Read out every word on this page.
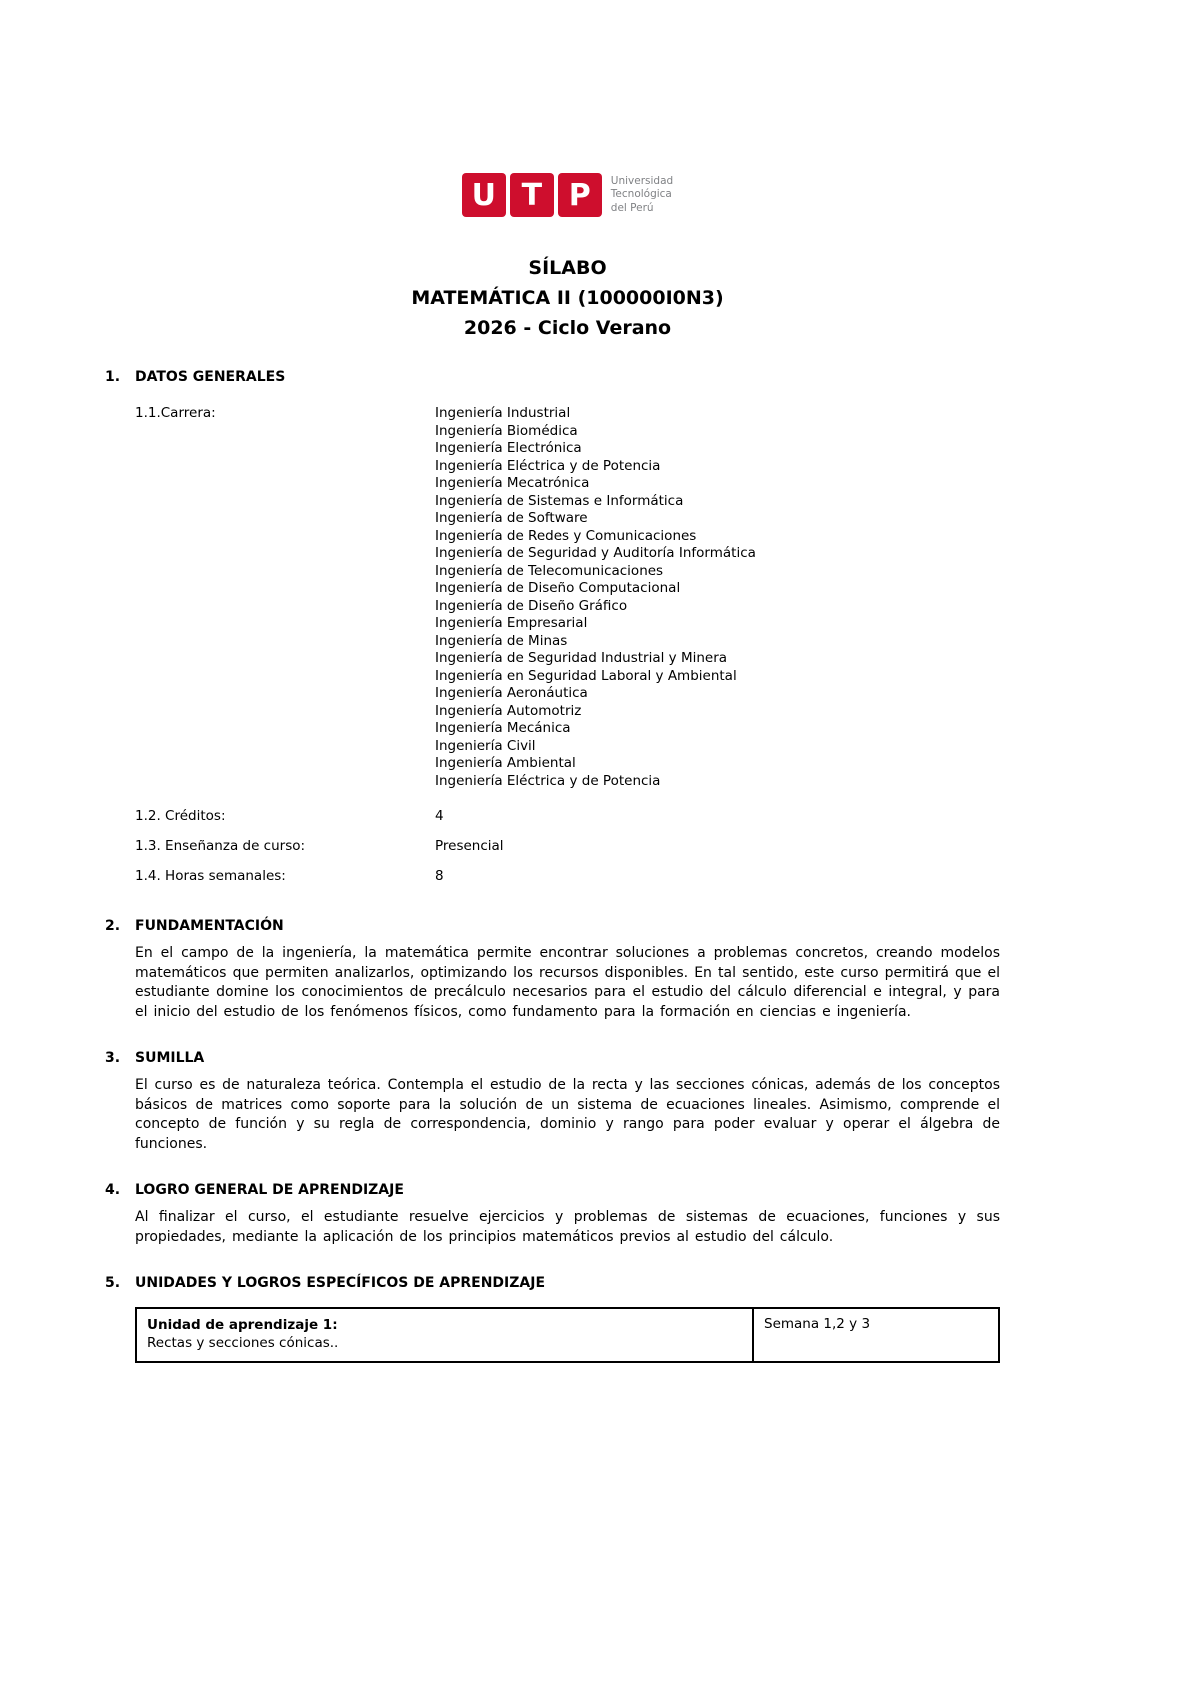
U T P	Universidad
Tecnológica
del Perú
SÍLABO
MATEMÁTICA II (100000I0N3)
2026 - Ciclo Verano
1.	DATOS GENERALES
1.1.Carrera:	Ingeniería Industrial
Ingeniería Biomédica
Ingeniería Electrónica
Ingeniería Eléctrica y de Potencia
Ingeniería Mecatrónica
Ingeniería de Sistemas e Informática
Ingeniería de Software
Ingeniería de Redes y Comunicaciones
Ingeniería de Seguridad y Auditoría Informática
Ingeniería de Telecomunicaciones
Ingeniería de Diseño Computacional
Ingeniería de Diseño Gráfico
Ingeniería Empresarial
Ingeniería de Minas
Ingeniería de Seguridad Industrial y Minera
Ingeniería en Seguridad Laboral y Ambiental
Ingeniería Aeronáutica
Ingeniería Automotriz
Ingeniería Mecánica
Ingeniería Civil
Ingeniería Ambiental
Ingeniería Eléctrica y de Potencia
1.2. Créditos:	4
1.3. Enseñanza de curso:	Presencial
1.4. Horas semanales:	8
2.	FUNDAMENTACIÓN
En el campo de la ingeniería, la matemática permite encontrar soluciones a problemas concretos, creando modelos matemáticos que permiten analizarlos, optimizando los recursos disponibles. En tal sentido, este curso permitirá que el estudiante domine los conocimientos de precálculo necesarios para el estudio del cálculo diferencial e integral, y para el inicio del estudio de los fenómenos físicos, como fundamento para la formación en ciencias e ingeniería.
3.	SUMILLA
El curso es de naturaleza teórica. Contempla el estudio de la recta y las secciones cónicas, además de los conceptos básicos de matrices como soporte para la solución de un sistema de ecuaciones lineales. Asimismo, comprende el concepto de función y su regla de correspondencia, dominio y rango para poder evaluar y operar el álgebra de funciones.
4.	LOGRO GENERAL DE APRENDIZAJE
Al finalizar el curso, el estudiante resuelve ejercicios y problemas de sistemas de ecuaciones, funciones y sus propiedades, mediante la aplicación de los principios matemáticos previos al estudio del cálculo.
5.	UNIDADES Y LOGROS ESPECÍFICOS DE APRENDIZAJE
Unidad de aprendizaje 1:
Rectas y secciones cónicas..
	Semana 1,2 y 3
